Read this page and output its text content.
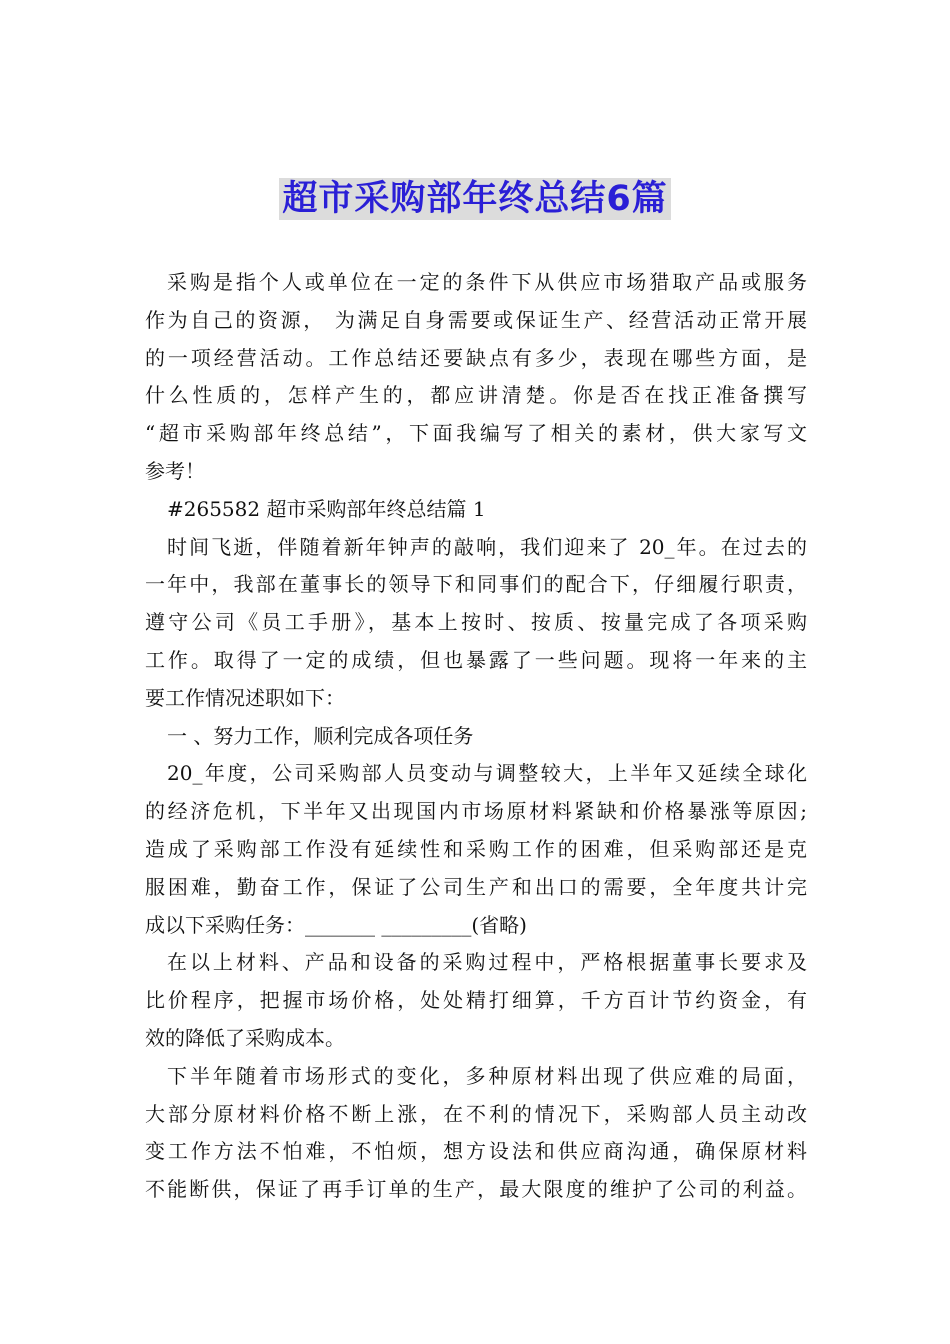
超市采购部年终总结6篇
采购是指个人或单位在一定的条件下从供应市场猎取产品或服务
作为自己的资源， 为满足自身需要或保证生产、经营活动正常开展
的一项经营活动。工作总结还要缺点有多少，表现在哪些方面，是
什么性质的，怎样产生的，都应讲清楚。你是否在找正准备撰写
“超市采购部年终总结”，下面我编写了相关的素材，供大家写文
参考！
#265582 超市采购部年终总结篇 1
时间飞逝，伴随着新年钟声的敲响，我们迎来了 20_年。在过去的
一年中，我部在董事长的领导下和同事们的配合下，仔细履行职责，
遵守公司《员工手册》，基本上按时、按质、按量完成了各项采购
工作。取得了一定的成绩，但也暴露了一些问题。现将一年来的主
要工作情况述职如下：
一 、努力工作，顺利完成各项任务
20_年度，公司采购部人员变动与调整较大，上半年又延续全球化
的经济危机，下半年又出现国内市场原材料紧缺和价格暴涨等原因;
造成了采购部工作没有延续性和采购工作的困难，但采购部还是克
服困难，勤奋工作，保证了公司生产和出口的需要，全年度共计完
成以下采购任务：_______ _________(省略)
在以上材料、产品和设备的采购过程中，严格根据董事长要求及
比价程序，把握市场价格，处处精打细算，千方百计节约资金，有
效的降低了采购成本。
下半年随着市场形式的变化，多种原材料出现了供应难的局面，
大部分原材料价格不断上涨，在不利的情况下，采购部人员主动改
变工作方法不怕难，不怕烦，想方设法和供应商沟通，确保原材料
不能断供，保证了再手订单的生产，最大限度的维护了公司的利益。
